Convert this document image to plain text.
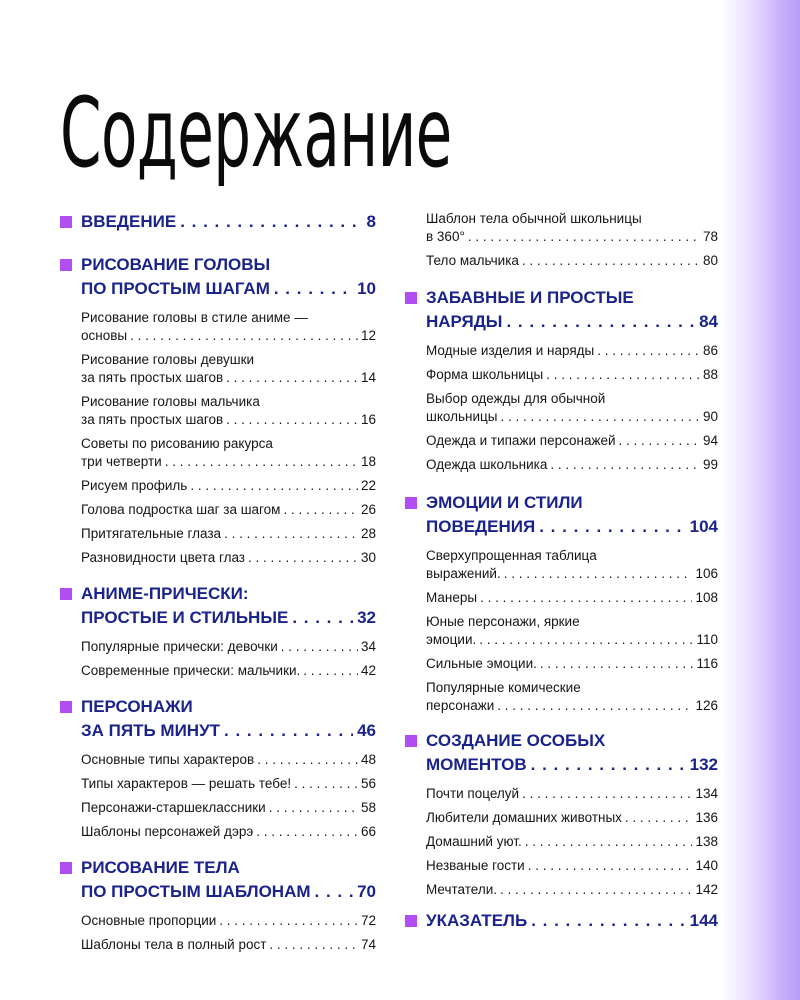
Содержание
ВВЕДЕНИЕ . . .	8
РИСОВАНИЕ ГОЛОВЫ
ПО ПРОСТЫМ ШАГАМ . . .	10
Рисование головы в стиле аниме —
основы . . .	12
Рисование головы девушки
за пять простых шагов . . .	14
Рисование головы мальчика
за пять простых шагов . . .	16
Советы по рисованию ракурса
три четверти . . .	18
Рисуем профиль . . .	22
Голова подростка шаг за шагом . . .	26
Притягательные глаза . . .	28
Разновидности цвета глаз . . .	30
АНИМЕ-ПРИЧЕСКИ:
ПРОСТЫЕ И СТИЛЬНЫЕ . . .	32
Популярные прически: девочки . . .	34
Современные прически: мальчики. . . .	42
ПЕРСОНАЖИ
ЗА ПЯТЬ МИНУТ . . .	46
Основные типы характеров . . .	48
Типы характеров — решать тебе! . . .	56
Персонажи-старшеклассники . . .	58
Шаблоны персонажей дэрэ . . .	66
РИСОВАНИЕ ТЕЛА
ПО ПРОСТЫМ ШАБЛОНАМ . . .	70
Основные пропорции . . .	72
Шаблоны тела в полный рост . . .	74
Шаблон тела обычной школьницы
в 360° . . .	78
Тело мальчика . . .	80
ЗАБАВНЫЕ И ПРОСТЫЕ
НАРЯДЫ . . .	84
Модные изделия и наряды . . .	86
Форма школьницы . . .	88
Выбор одежды для обычной
школьницы . . .	90
Одежда и типажи персонажей . . .	94
Одежда школьника . . .	99
ЭМОЦИИ И СТИЛИ
ПОВЕДЕНИЯ . . .	104
Сверхупрощенная таблица
выражений. . . .	106
Манеры . . .	108
Юные персонажи, яркие
эмоции. . . .	110
Сильные эмоции. . . .	116
Популярные комические
персонажи . . .	126
СОЗДАНИЕ ОСОБЫХ
МОМЕНТОВ . . .	132
Почти поцелуй . . .	134
Любители домашних животных . . .	136
Домашний уют. . . .	138
Незваные гости . . .	140
Мечтатели. . . .	142
УКАЗАТЕЛЬ . . .	144
